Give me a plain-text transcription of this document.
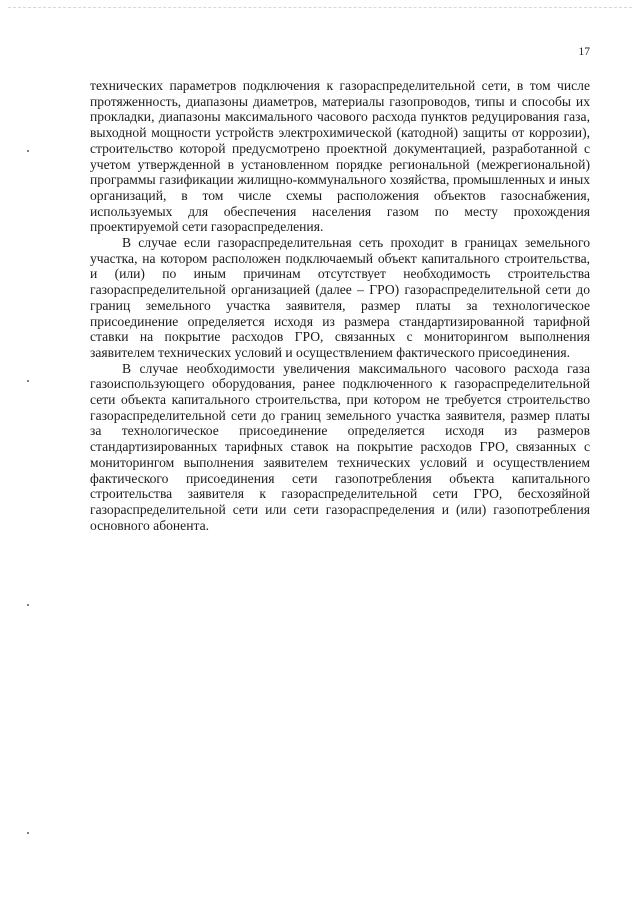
17

технических параметров подключения к газораспределительной сети, в том числе протяженность, диапазоны диаметров, материалы газопроводов, типы и способы их прокладки, диапазоны максимального часового расхода пунктов редуцирования газа, выходной мощности устройств электрохимической (катодной) защиты от коррозии), строительство которой предусмотрено проектной документацией, разработанной с учетом утвержденной в установленном порядке региональной (межрегиональной) программы газификации жилищно-коммунального хозяйства, промышленных и иных организаций, в том числе схемы расположения объектов газоснабжения, используемых для обеспечения населения газом по месту прохождения проектируемой сети газораспределения.

В случае если газораспределительная сеть проходит в границах земельного участка, на котором расположен подключаемый объект капитального строительства, и (или) по иным причинам отсутствует необходимость строительства газораспределительной организацией (далее – ГРО) газораспределительной сети до границ земельного участка заявителя, размер платы за технологическое присоединение определяется исходя из размера стандартизированной тарифной ставки на покрытие расходов ГРО, связанных с мониторингом выполнения заявителем технических условий и осуществлением фактического присоединения.

В случае необходимости увеличения максимального часового расхода газа газоиспользующего оборудования, ранее подключенного к газораспределительной сети объекта капитального строительства, при котором не требуется строительство газораспределительной сети до границ земельного участка заявителя, размер платы за технологическое присоединение определяется исходя из размеров стандартизированных тарифных ставок на покрытие расходов ГРО, связанных с мониторингом выполнения заявителем технических условий и осуществлением фактического присоединения сети газопотребления объекта капитального строительства заявителя к газораспределительной сети ГРО, бесхозяйной газораспределительной сети или сети газораспределения и (или) газопотребления основного абонента.
